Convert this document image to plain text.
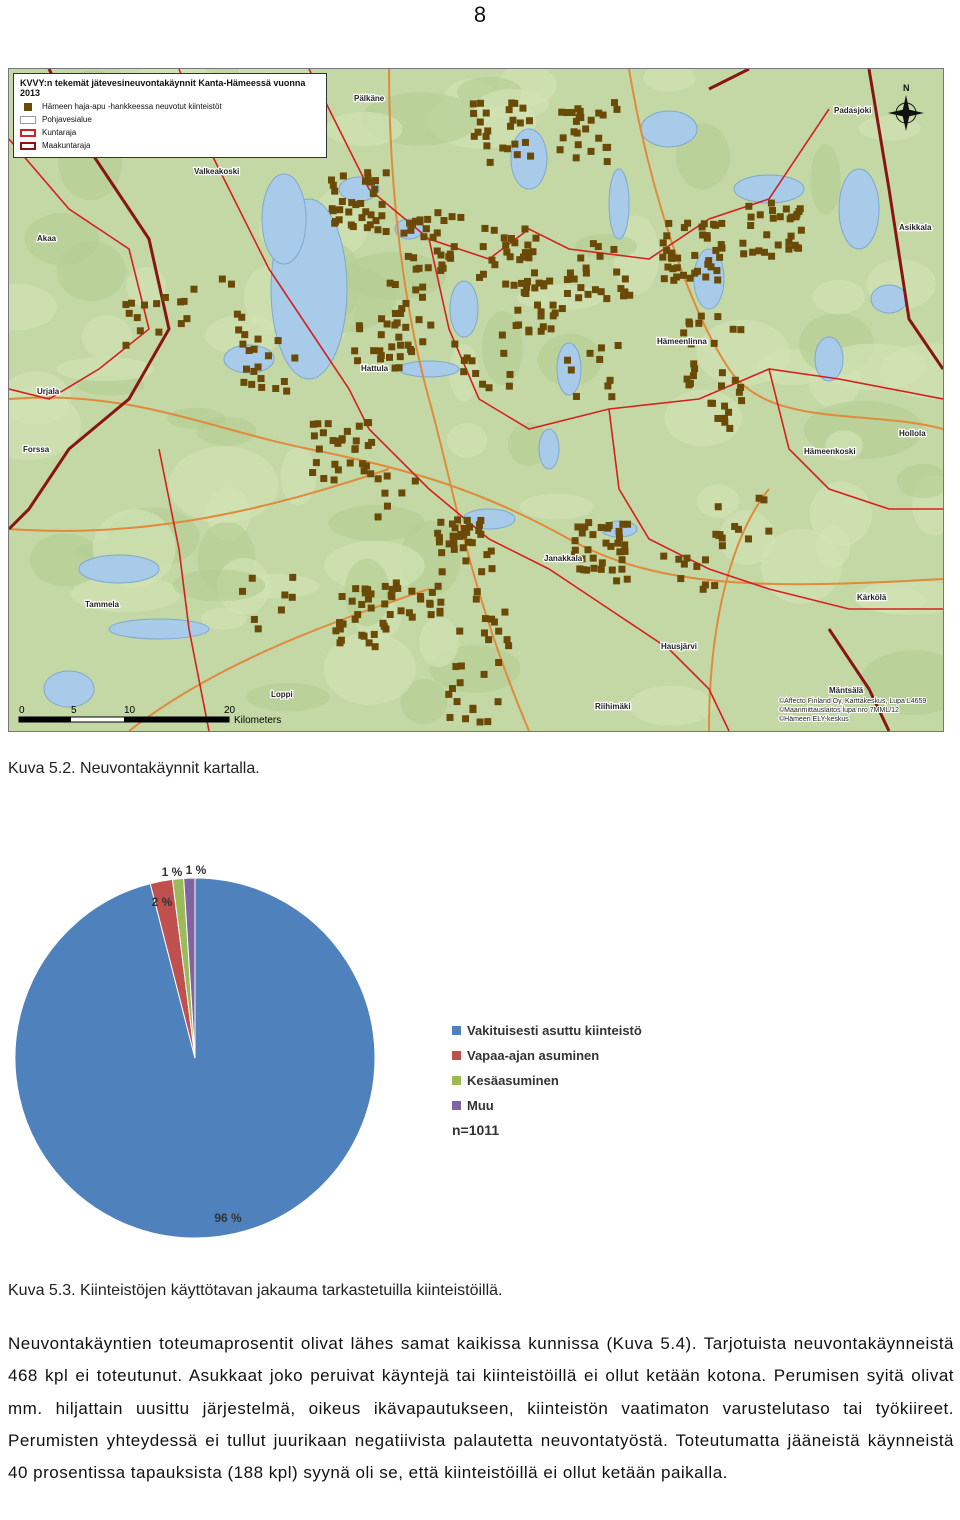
8
Pälkäne
Padasjoki
Valkeakoski
Akaa
Asikkala
Hämeenlinna
Hattula
Urjala
Forssa
Hollola
Hämeenkoski
Janakkala
Tammela
Hausjärvi
Kärkölä
Loppi
Riihimäki
Mäntsälä
N
0	5	10	20
Kilometers
©Affecto Finland Oy, Karttakeskus, Lupa L4659
©Maanmittauslaitos lupa nro 7MML/12
©Hämeen ELY-keskus
KVVY:n tekemät jätevesineuvontakäynnit Kanta-Hämeessä vuonna 2013
Hämeen haja-apu -hankkeessa neuvotut kiinteistöt
Pohjavesialue
Kuntaraja
Maakuntaraja
Kuva 5.2. Neuvontakäynnit kartalla.
96 %
2 %
1 % 1 %
Vakituisesti asuttu kiinteistö
Vapaa-ajan asuminen
Kesäasuminen
Muu
n=1011
Kuva 5.3. Kiinteistöjen käyttötavan jakauma tarkastetuilla kiinteistöillä.

Neuvontakäyntien toteumaprosentit olivat lähes samat kaikissa kunnissa (Kuva 5.4). Tarjotuista neuvontakäynneistä 468 kpl ei toteutunut. Asukkaat joko peruivat käyntejä tai kiinteistöillä ei ollut ketään kotona. Perumisen syitä olivat mm. hiljattain uusittu järjestelmä, oikeus ikävapautukseen, kiinteistön vaatimaton varustelutaso tai työkiireet. Perumisten yhteydessä ei tullut juurikaan negatiivista palautetta neuvontatyöstä. Toteutumatta jääneistä käynneistä 40 prosentissa tapauksista (188 kpl) syynä oli se, että kiinteistöillä ei ollut ketään paikalla.
